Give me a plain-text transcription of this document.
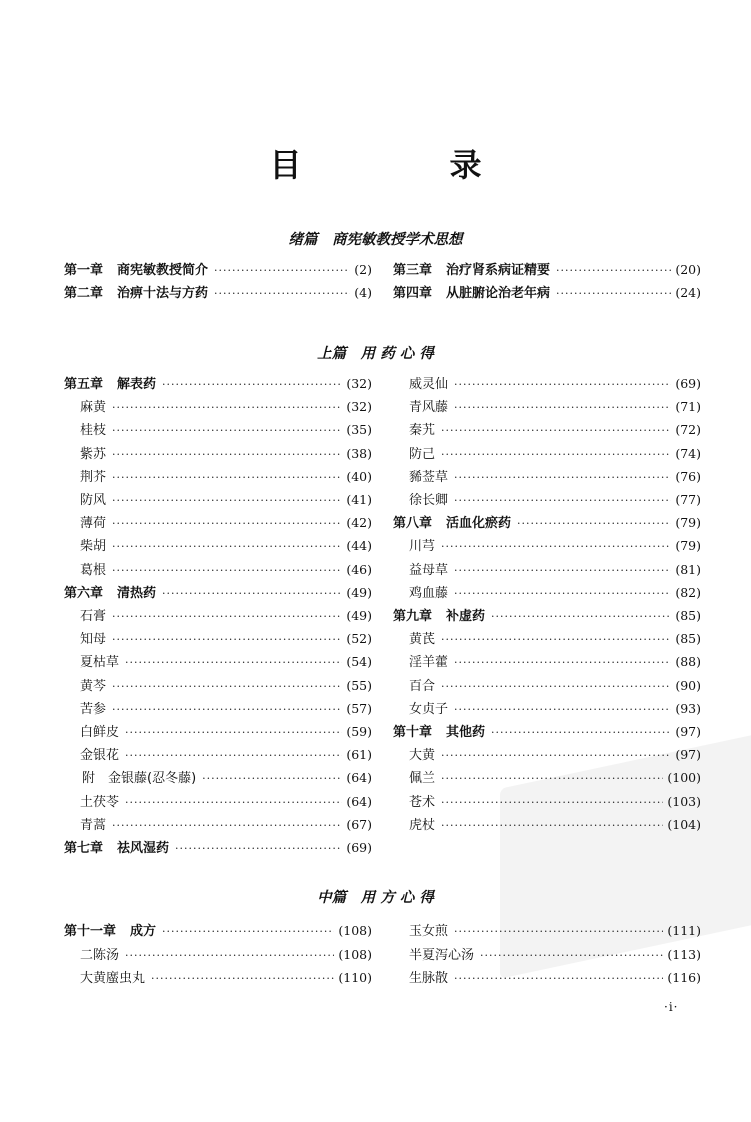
目　录
绪篇　商宪敏教授学术思想
第一章 商宪敏教授简介 ·····	(2)
第二章 治痹十法与方药 ·····	(4)
第三章 治疗肾系病证精要 ·····	(20)
第四章 从脏腑论治老年病 ·····	(24)
上篇　用 药 心 得
第五章 解表药 ·····	(32)
麻黄 ·····	(32)
桂枝 ·····	(35)
紫苏 ·····	(38)
荆芥 ·····	(40)
防风 ·····	(41)
薄荷 ·····	(42)
柴胡 ·····	(44)
葛根 ·····	(46)
第六章 清热药 ·····	(49)
石膏 ·····	(49)
知母 ·····	(52)
夏枯草 ·····	(54)
黄芩 ·····	(55)
苦参 ·····	(57)
白鲜皮 ·····	(59)
金银花 ·····	(61)
附　金银藤(忍冬藤) ·····	(64)
土茯苓 ·····	(64)
青蒿 ·····	(67)
第七章 祛风湿药 ·····	(69)
威灵仙 ·····	(69)
青风藤 ·····	(71)
秦艽 ·····	(72)
防己 ·····	(74)
豨莶草 ·····	(76)
徐长卿 ·····	(77)
第八章 活血化瘀药 ·····	(79)
川芎 ·····	(79)
益母草 ·····	(81)
鸡血藤 ·····	(82)
第九章 补虚药 ·····	(85)
黄芪 ·····	(85)
淫羊藿 ·····	(88)
百合 ·····	(90)
女贞子 ·····	(93)
第十章 其他药 ·····	(97)
大黄 ·····	(97)
佩兰 ·····	(100)
苍术 ·····	(103)
虎杖 ·····	(104)
中篇　用 方 心 得
第十一章 成方 ·····	(108)
二陈汤 ·····	(108)
大黄䗪虫丸 ·····	(110)
玉女煎 ·····	(111)
半夏泻心汤 ·····	(113)
生脉散 ·····	(116)
·i·
